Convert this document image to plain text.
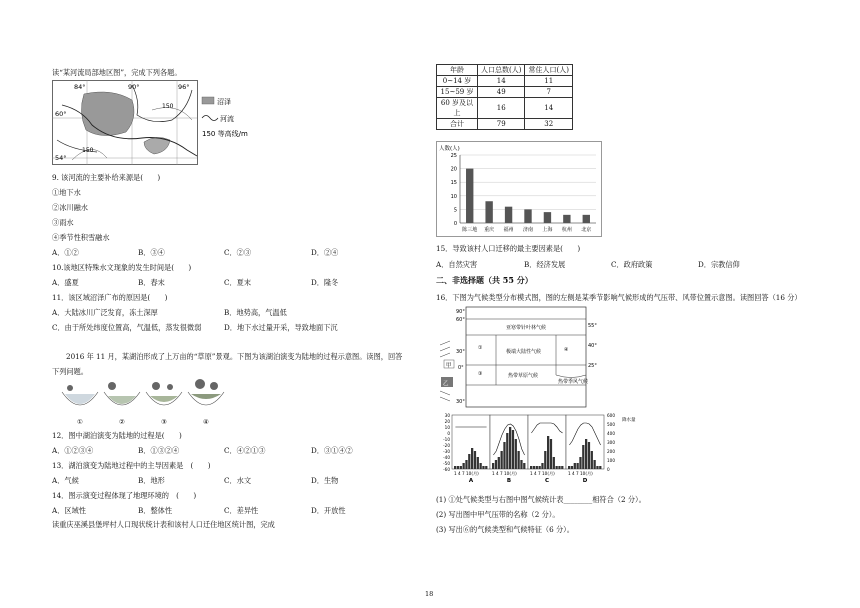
读“某河流局部地区图”，完成下列各题。
84°	90°	96°
60°
54°
150
150
沼泽
河流
150 等高线/m
9. 该河流的主要补给来源是(　　)
①地下水
②冰川融水
③雨水
④季节性积雪融水
A．①②	B．③④	C．②③	D．②④
10.该地区特殊水文现象的发生时间是(　　)
A．盛夏	B．春末	C．夏末	D．隆冬
11．该区域沼泽广布的原因是(　　)
A．大陆冰川广泛发育，冻土深厚	B．地势高，气温低
C．由于所处纬度位置高，气温低，蒸发很微弱	D．地下水过量开采，导致地面下沉
2016 年 11 月，某湖泊形成了上万亩的“草原”景观。下图为该湖泊演变为陆地的过程示意图。读图，回答
下列问题。
①	②	③	④
12．图中湖泊演变为陆地的过程是(　　)
A．①②③④	B．①③②④	C．④②①③	D．③①④②
13．湖泊演变为陆地过程中的主导因素是　(　　)
A．气候	B．地形	C．水文	D．生物
14．图示演变过程体现了地理环境的　(　　)
A．区域性	B．整体性	C．差异性	D．开放性
读重庆巫溪县堡坪村人口现状统计表和该村人口迁住地区统计图，完成
年龄	人口总数(人)	常住人口(人)
0~14 岁	14	11
15~59 岁	49	7
60 岁及以上	16	14
合计	79	32
人数(人)
0
5
10
15
20
25
陈三地 重庆 福州 济南 上海 杭州 北京
15．导致该村人口迁移的最主要因素是(　　)
A．自然灾害	B．经济发展	C．政府政策	D．宗教信仰
二、非选择题（共 55 分）
16．下图为气候类型分布模式图，图的左侧是某季节影响气候形成的气压带、风带位置示意图。读图回答（16 分）
90°
60°
30°
0°
30°
55°
40°
25°
亚寒带针叶林气候
①	④
极端大陆性气候
③	热带草原气候
热带季风气候
甲
乙
30
20
10
0
-10
-20
-30
-40
-50
-60
600
500
400
300
200
100
0
降水量
1 4 7 10(月)
A
1 4 7 10(月)
B
1 4 7 10(月)
C
1 4 7 10(月)
D
(1) ①处气候类型与右图中图气候统计表________相符合（2 分）。
(2) 写出图中甲气压带的名称（2 分）。
(3) 写出⑥的气候类型和气候特征（6 分）。
18
